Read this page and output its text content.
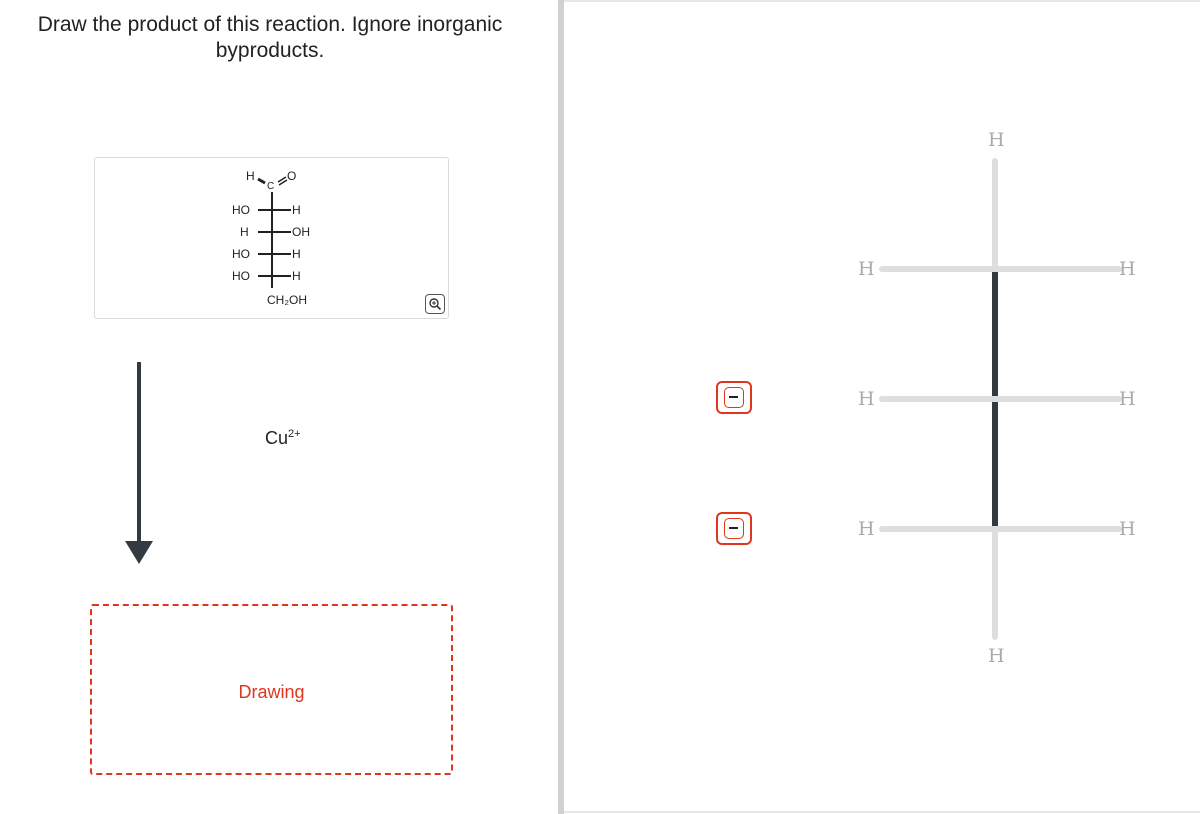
Draw the product of this reaction. Ignore inorganic
byproducts.
H
C
O
HO	H
H	OH
HO	H
HO	H
CH₂OH
$Cu^{2+}$
Drawing
H
H
H	H
H	H
H	H
